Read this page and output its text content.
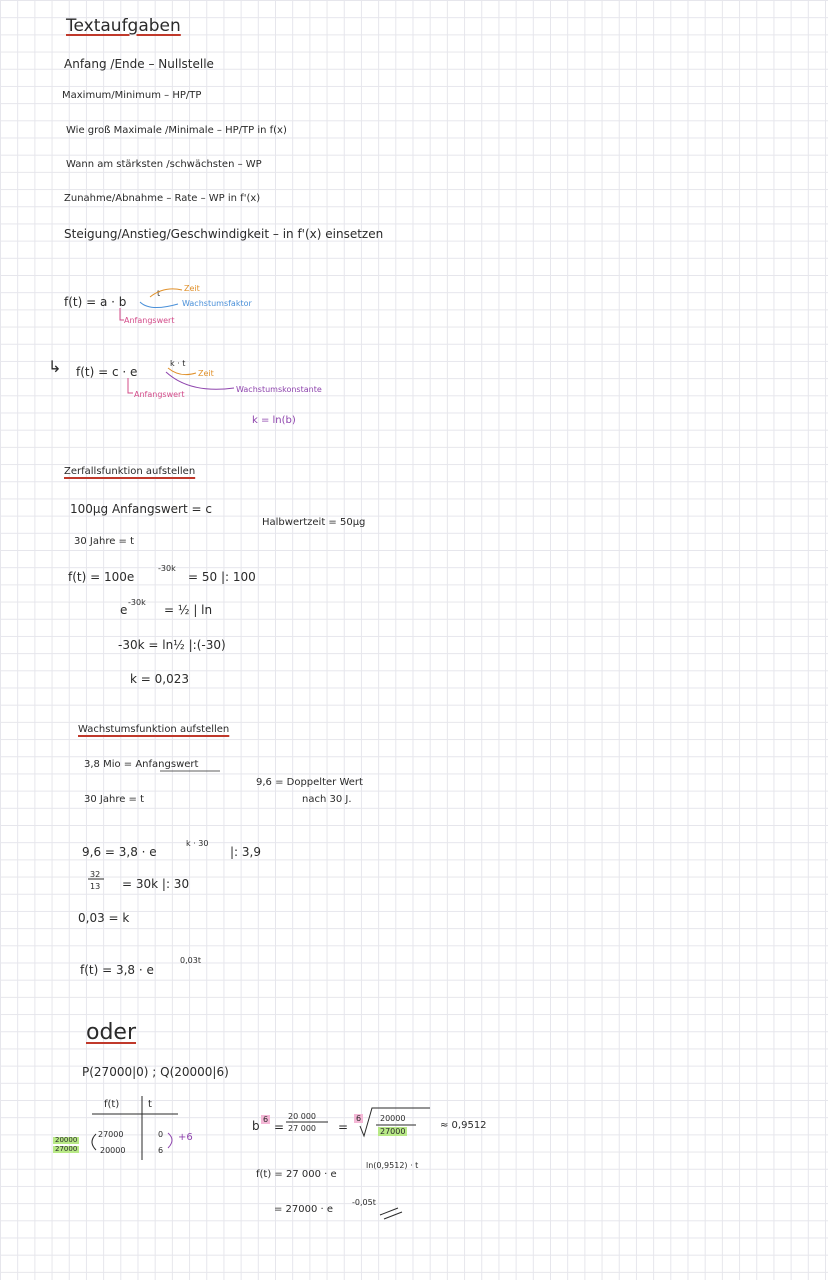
Textaufgaben
Anfang /Ende – Nullstelle
Maximum/Minimum – HP/TP
Wie groß Maximale /Minimale – HP/TP in f(x)
Wann am stärksten /schwächsten – WP
Zunahme/Abnahme – Rate – WP in f'(x)
Steigung/Anstieg/Geschwindigkeit – in f'(x) einsetzen
f(t) = a · b
t
Zeit
Wachstumsfaktor
Anfangswert
↳ f(t) = c · e
k · t
Zeit
Wachstumskonstante
Anfangswert
k = ln(b)
Zerfallsfunktion aufstellen
100µg Anfangswert = c
Halbwertzeit = 50µg
30 Jahre = t
f(t) = 100e
-30k
= 50 |: 100
e
-30k
= ½ | ln
-30k = ln½ |:(-30)
k = 0,023
Wachstumsfunktion aufstellen
3,8 Mio = Anfangswert
9,6 = Doppelter Wert
nach 30 J.
30 Jahre = t
9,6 = 3,8 · e
k · 30
|: 3,9
32
13 = 30k |: 30
0,03 = k
f(t) = 3,8 · e
0,03t
oder
P(27000|0) ; Q(20000|6)
f(t)	t
27000	0
20000	6
+6
20000
27000
b 6
=
20 000
27 000 =
6 20000
27000
≈ 0,9512
f(t) = 27 000 · e
ln(0,9512) · t
= 27000 · e
-0,05t
